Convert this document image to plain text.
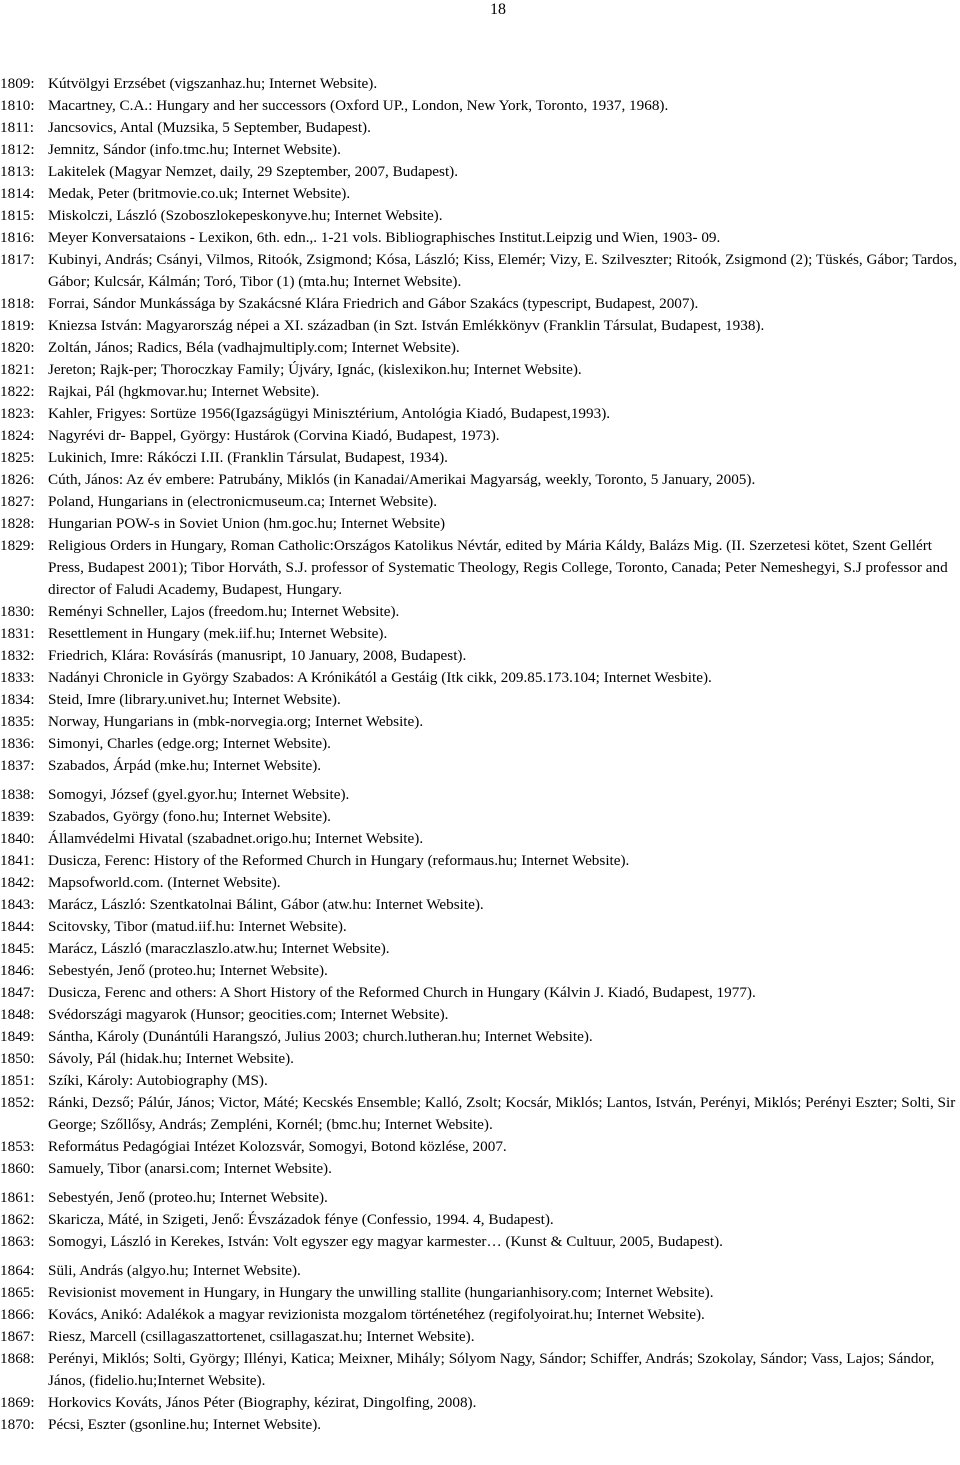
18
1809: Kútvölgyi Erzsébet (vigszanhaz.hu; Internet Website).
1810: Macartney, C.A.: Hungary and her successors (Oxford UP., London, New York, Toronto, 1937, 1968).
1811: Jancsovics, Antal (Muzsika, 5 September, Budapest).
1812: Jemnitz, Sándor (info.tmc.hu; Internet Website).
1813: Lakitelek (Magyar Nemzet, daily, 29 Szeptember, 2007, Budapest).
1814: Medak, Peter (britmovie.co.uk; Internet Website).
1815: Miskolczi, László (Szoboszlokepeskonyve.hu; Internet Website).
1816: Meyer Konversataions - Lexikon, 6th. edn.,. 1-21 vols. Bibliographisches Institut.Leipzig und Wien, 1903- 09.
1817: Kubinyi, András; Csányi, Vilmos, Ritoók, Zsigmond; Kósa, László; Kiss, Elemér; Vizy, E. Szilveszter; Ritoók, Zsigmond (2); Tüskés, Gábor; Tardos, Gábor; Kulcsár, Kálmán; Toró, Tibor (1) (mta.hu; Internet Website).
1818: Forrai, Sándor Munkássága by Szakácsné Klára Friedrich and Gábor Szakács (typescript, Budapest, 2007).
1819: Kniezsa István: Magyarország népei a XI. században (in Szt. István Emlékkönyv (Franklin Társulat, Budapest, 1938).
1820: Zoltán, János; Radics, Béla (vadhajmultiply.com; Internet Website).
1821: Jereton; Rajk-per; Thoroczkay Family; Újváry, Ignác, (kislexikon.hu; Internet Website).
1822: Rajkai, Pál (hgkmovar.hu; Internet Website).
1823: Kahler, Frigyes: Sortüze 1956(Igazságügyi Minisztérium, Antológia Kiadó, Budapest,1993).
1824: Nagyrévi dr- Bappel, György: Hustárok (Corvina Kiadó, Budapest, 1973).
1825: Lukinich, Imre: Rákóczi I.II. (Franklin Társulat, Budapest, 1934).
1826: Cúth, János: Az év embere: Patrubány, Miklós (in Kanadai/Amerikai Magyarság, weekly, Toronto, 5 January, 2005).
1827: Poland, Hungarians in (electronicmuseum.ca; Internet Website).
1828: Hungarian POW-s in Soviet Union (hm.goc.hu; Internet Website)
1829: Religious Orders in Hungary, Roman Catholic:Országos Katolikus Névtár, edited by Mária Káldy, Balázs Mig. (II. Szerzetesi kötet, Szent Gellért Press, Budapest 2001); Tibor Horváth, S.J. professor of Systematic Theology, Regis College, Toronto, Canada; Peter Nemeshegyi, S.J professor and director of Faludi Academy, Budapest, Hungary.
1830: Reményi Schneller, Lajos (freedom.hu; Internet Website).
1831: Resettlement in Hungary (mek.iif.hu; Internet Website).
1832: Friedrich, Klára: Rovásírás (manusript, 10 January, 2008, Budapest).
1833: Nadányi Chronicle in György Szabados: A Krónikától a Gestáig (Itk cikk, 209.85.173.104; Internet Wesbite).
1834: Steid, Imre (library.univet.hu; Internet Website).
1835: Norway, Hungarians in (mbk-norvegia.org; Internet Website).
1836: Simonyi, Charles (edge.org; Internet Website).
1837: Szabados, Árpád (mke.hu; Internet Website).
1838: Somogyi, József (gyel.gyor.hu; Internet Website).
1839: Szabados, György (fono.hu; Internet Website).
1840: Államvédelmi Hivatal (szabadnet.origo.hu; Internet Website).
1841: Dusicza, Ferenc: History of the Reformed Church in Hungary (reformaus.hu; Internet Website).
1842: Mapsofworld.com. (Internet Website).
1843: Marácz, László: Szentkatolnai Bálint, Gábor (atw.hu: Internet Website).
1844: Scitovsky, Tibor (matud.iif.hu: Internet Website).
1845: Marácz, László (maraczlaszlo.atw.hu; Internet Website).
1846: Sebestyén, Jenő (proteo.hu; Internet Website).
1847: Dusicza, Ferenc and others: A Short History of the Reformed Church in Hungary (Kálvin J. Kiadó, Budapest, 1977).
1848: Svédországi magyarok (Hunsor; geocities.com; Internet Website).
1849: Sántha, Károly (Dunántúli Harangszó, Julius 2003; church.lutheran.hu; Internet Website).
1850: Sávoly, Pál (hidak.hu; Internet Website).
1851: Szíki, Károly: Autobiography (MS).
1852: Ránki, Dezső; Pálúr, János; Victor, Máté; Kecskés Ensemble; Kalló, Zsolt; Kocsár, Miklós; Lantos, István, Perényi, Miklós; Perényi Eszter; Solti, Sir George; Szőllősy, András; Zempléni, Kornél; (bmc.hu; Internet Website).
1853: Református Pedagógiai Intézet Kolozsvár, Somogyi, Botond közlése, 2007.
1860: Samuely, Tibor (anarsi.com; Internet Website).
1861: Sebestyén, Jenő (proteo.hu; Internet Website).
1862: Skaricza, Máté, in Szigeti, Jenő: Évszázadok fénye (Confessio, 1994. 4, Budapest).
1863: Somogyi, László in Kerekes, István: Volt egyszer egy magyar karmester… (Kunst & Cultuur, 2005, Budapest).
1864: Süli, András (algyo.hu; Internet Website).
1865: Revisionist movement in Hungary, in Hungary the unwilling stallite (hungarianhisory.com; Internet Website).
1866: Kovács, Anikó: Adalékok a magyar revizionista mozgalom történetéhez (regifolyoirat.hu; Internet Website).
1867: Riesz, Marcell (csillagaszattortenet, csillagaszat.hu; Internet Website).
1868: Perényi, Miklós; Solti, György; Illényi, Katica; Meixner, Mihály; Sólyom Nagy, Sándor; Schiffer, András; Szokolay, Sándor; Vass, Lajos; Sándor, János, (fidelio.hu;Internet Website).
1869: Horkovics Kováts, János Péter (Biography, kézirat, Dingolfing, 2008).
1870: Pécsi, Eszter (gsonline.hu; Internet Website).
